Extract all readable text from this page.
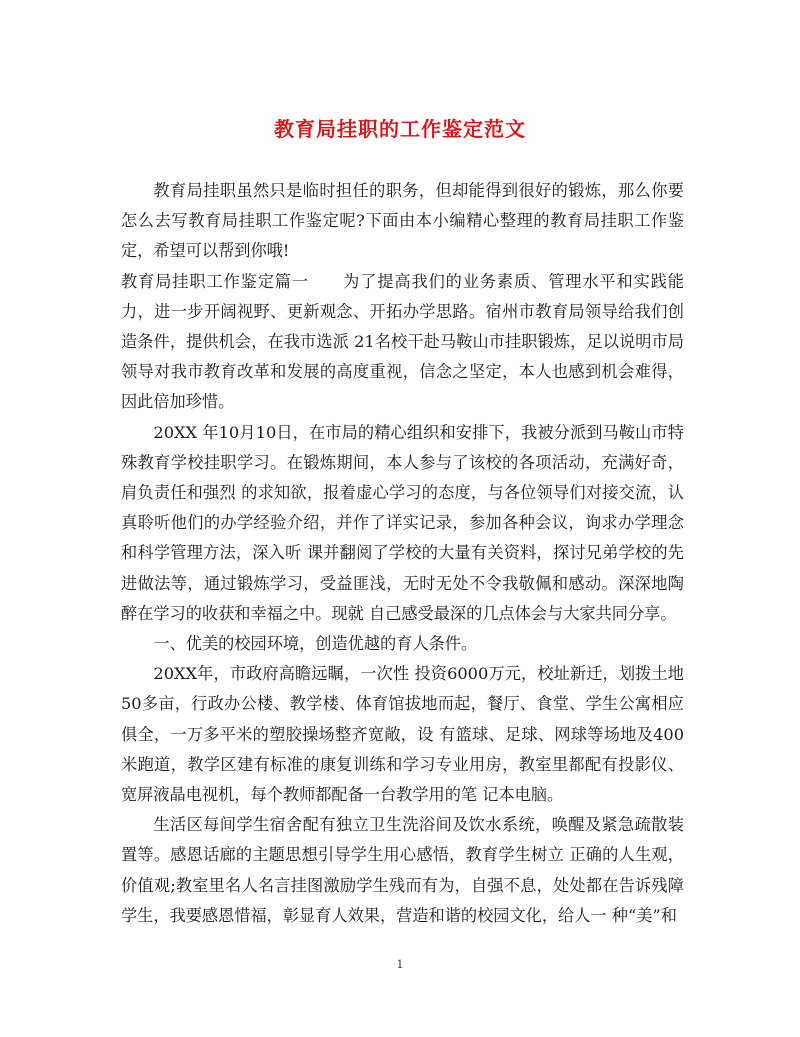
教育局挂职的工作鉴定范文

教育局挂职虽然只是临时担任的职务，但却能得到很好的锻炼，那么你要怎么去写教育局挂职工作鉴定呢?下面由本小编精心整理的教育局挂职工作鉴定，希望可以帮到你哦!

教育局挂职工作鉴定篇一　　为了提高我们的业务素质、管理水平和实践能力，进一步开阔视野、更新观念、开拓办学思路。宿州市教育局领导给我们创造条件，提供机会，在我市选派 21名校干赴马鞍山市挂职锻炼，足以说明市局领导对我市教育改革和发展的高度重视，信念之坚定，本人也感到机会难得，因此倍加珍惜。

20XX 年10月10日，在市局的精心组织和安排下，我被分派到马鞍山市特殊教育学校挂职学习。在锻炼期间，本人参与了该校的各项活动，充满好奇，肩负责任和强烈 的求知欲，报着虚心学习的态度，与各位领导们对接交流，认真聆听他们的办学经验介绍，并作了详实记录，参加各种会议，询求办学理念和科学管理方法，深入听 课并翻阅了学校的大量有关资料，探讨兄弟学校的先进做法等，通过锻炼学习，受益匪浅，无时无处不令我敬佩和感动。深深地陶醉在学习的收获和幸福之中。现就 自己感受最深的几点体会与大家共同分享。

一、优美的校园环境，创造优越的育人条件。

20XX年，市政府高瞻远瞩，一次性 投资6000万元，校址新迁，划拨土地50多亩，行政办公楼、教学楼、体育馆拔地而起，餐厅、食堂、学生公寓相应俱全，一万多平米的塑胶操场整齐宽敞，设 有篮球、足球、网球等场地及400米跑道，教学区建有标准的康复训练和学习专业用房，教室里都配有投影仪、宽屏液晶电视机，每个教师都配备一台教学用的笔 记本电脑。

生活区每间学生宿舍配有独立卫生洗浴间及饮水系统，唤醒及紧急疏散装置等。感恩话廊的主题思想引导学生用心感悟，教育学生树立 正确的人生观，价值观;教室里名人名言挂图激励学生残而有为，自强不息，处处都在告诉残障学生，我要感恩惜福，彰显育人效果，营造和谐的校园文化，给人一 种“美”和

1
